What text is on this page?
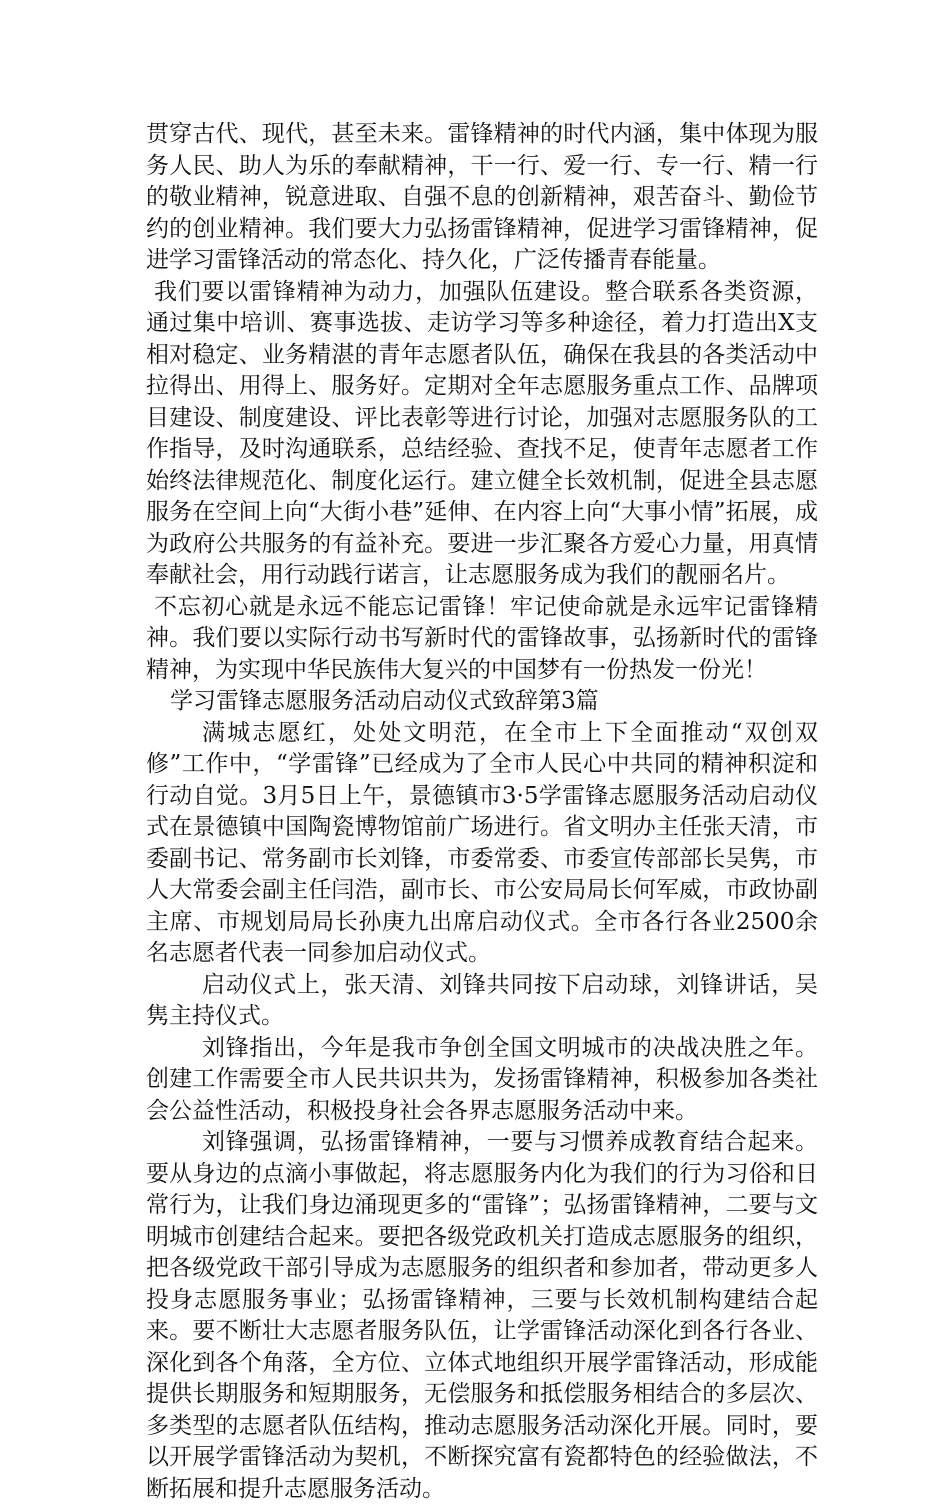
贯穿古代、现代，甚至未来。雷锋精神的时代内涵，集中体现为服务人民、助人为乐的奉献精神，干一行、爱一行、专一行、精一行的敬业精神，锐意进取、自强不息的创新精神，艰苦奋斗、勤俭节约的创业精神。我们要大力弘扬雷锋精神，促进学习雷锋精神，促进学习雷锋活动的常态化、持久化，广泛传播青春能量。

我们要以雷锋精神为动力，加强队伍建设。整合联系各类资源，通过集中培训、赛事选拔、走访学习等多种途径，着力打造出X支相对稳定、业务精湛的青年志愿者队伍，确保在我县的各类活动中拉得出、用得上、服务好。定期对全年志愿服务重点工作、品牌项目建设、制度建设、评比表彰等进行讨论，加强对志愿服务队的工作指导，及时沟通联系，总结经验、查找不足，使青年志愿者工作始终法律规范化、制度化运行。建立健全长效机制，促进全县志愿服务在空间上向“大街小巷”延伸、在内容上向“大事小情”拓展，成为政府公共服务的有益补充。要进一步汇聚各方爱心力量，用真情奉献社会，用行动践行诺言，让志愿服务成为我们的靓丽名片。

不忘初心就是永远不能忘记雷锋！牢记使命就是永远牢记雷锋精神。我们要以实际行动书写新时代的雷锋故事，弘扬新时代的雷锋精神，为实现中华民族伟大复兴的中国梦有一份热发一份光！

学习雷锋志愿服务活动启动仪式致辞第3篇

满城志愿红，处处文明范，在全市上下全面推动“双创双修”工作中，“学雷锋”已经成为了全市人民心中共同的精神积淀和行动自觉。3月5日上午，景德镇市3·5学雷锋志愿服务活动启动仪式在景德镇中国陶瓷博物馆前广场进行。省文明办主任张天清，市委副书记、常务副市长刘锋，市委常委、市委宣传部部长吴隽，市人大常委会副主任闫浩，副市长、市公安局局长何军威，市政协副主席、市规划局局长孙庚九出席启动仪式。全市各行各业2500余名志愿者代表一同参加启动仪式。

启动仪式上，张天清、刘锋共同按下启动球，刘锋讲话，吴隽主持仪式。

刘锋指出，今年是我市争创全国文明城市的决战决胜之年。创建工作需要全市人民共识共为，发扬雷锋精神，积极参加各类社会公益性活动，积极投身社会各界志愿服务活动中来。

刘锋强调，弘扬雷锋精神，一要与习惯养成教育结合起来。要从身边的点滴小事做起，将志愿服务内化为我们的行为习俗和日常行为，让我们身边涌现更多的“雷锋”；弘扬雷锋精神，二要与文明城市创建结合起来。要把各级党政机关打造成志愿服务的组织，把各级党政干部引导成为志愿服务的组织者和参加者，带动更多人投身志愿服务事业；弘扬雷锋精神，三要与长效机制构建结合起来。要不断壮大志愿者服务队伍，让学雷锋活动深化到各行各业、深化到各个角落，全方位、立体式地组织开展学雷锋活动，形成能提供长期服务和短期服务，无偿服务和抵偿服务相结合的多层次、多类型的志愿者队伍结构，推动志愿服务活动深化开展。同时，要以开展学雷锋活动为契机，不断探究富有瓷都特色的经验做法，不断拓展和提升志愿服务活动。
